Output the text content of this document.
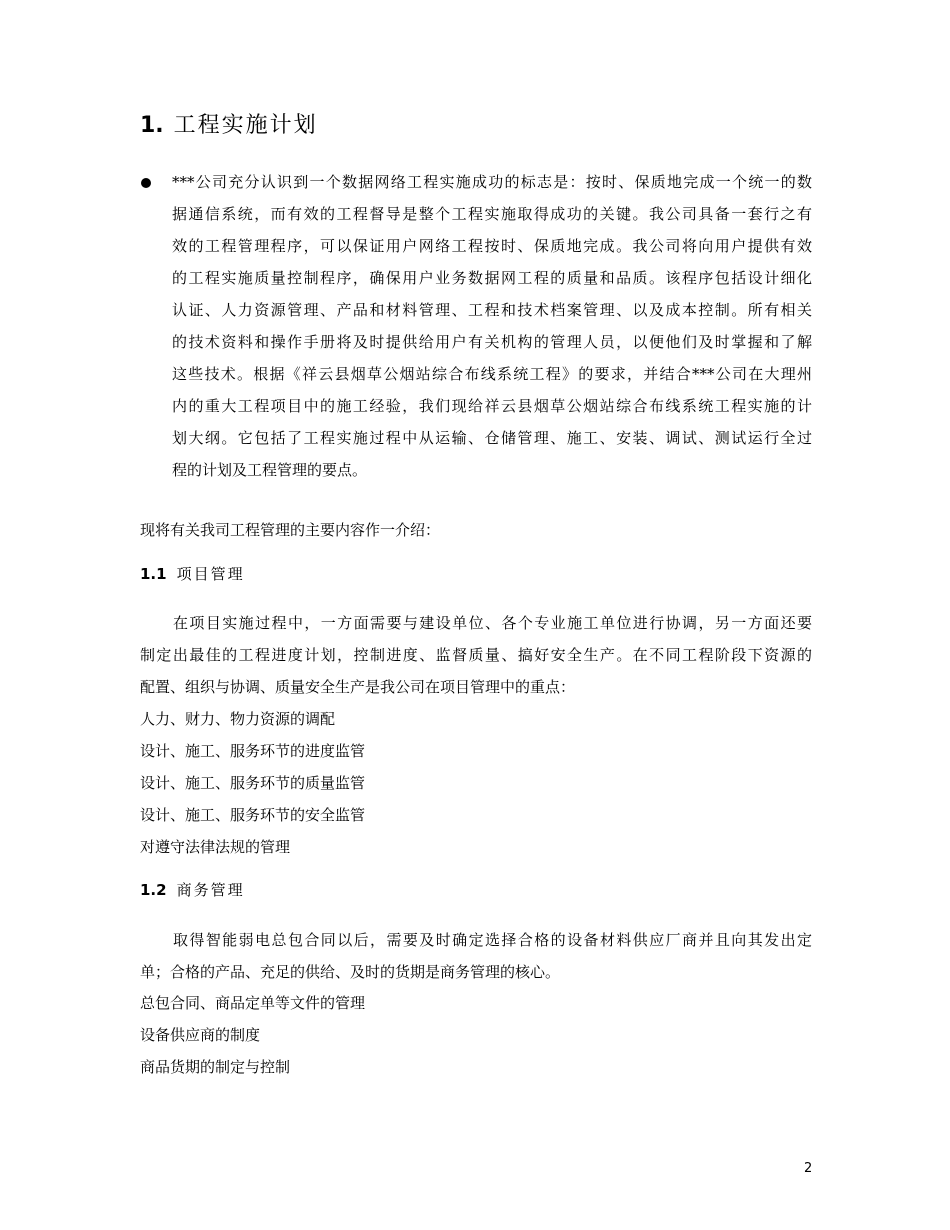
1. 工程实施计划
***公司充分认识到一个数据网络工程实施成功的标志是：按时、保质地完成一个统一的数
据通信系统，而有效的工程督导是整个工程实施取得成功的关键。我公司具备一套行之有
效的工程管理程序，可以保证用户网络工程按时、保质地完成。我公司将向用户提供有效
的工程实施质量控制程序，确保用户业务数据网工程的质量和品质。该程序包括设计细化
认证、人力资源管理、产品和材料管理、工程和技术档案管理、以及成本控制。所有相关
的技术资料和操作手册将及时提供给用户有关机构的管理人员，以便他们及时掌握和了解
这些技术。根据《祥云县烟草公烟站综合布线系统工程》的要求，并结合***公司在大理州
内的重大工程项目中的施工经验，我们现给祥云县烟草公烟站综合布线系统工程实施的计
划大纲。它包括了工程实施过程中从运输、仓储管理、施工、安装、调试、测试运行全过
程的计划及工程管理的要点。
现将有关我司工程管理的主要内容作一介绍：
1.1 项目管理
在项目实施过程中，一方面需要与建设单位、各个专业施工单位进行协调，另一方面还要
制定出最佳的工程进度计划，控制进度、监督质量、搞好安全生产。在不同工程阶段下资源的
配置、组织与协调、质量安全生产是我公司在项目管理中的重点：
人力、财力、物力资源的调配
设计、施工、服务环节的进度监管
设计、施工、服务环节的质量监管
设计、施工、服务环节的安全监管
对遵守法律法规的管理
1.2 商务管理
取得智能弱电总包合同以后，需要及时确定选择合格的设备材料供应厂商并且向其发出定
单；合格的产品、充足的供给、及时的货期是商务管理的核心。
总包合同、商品定单等文件的管理
设备供应商的制度
商品货期的制定与控制
2
